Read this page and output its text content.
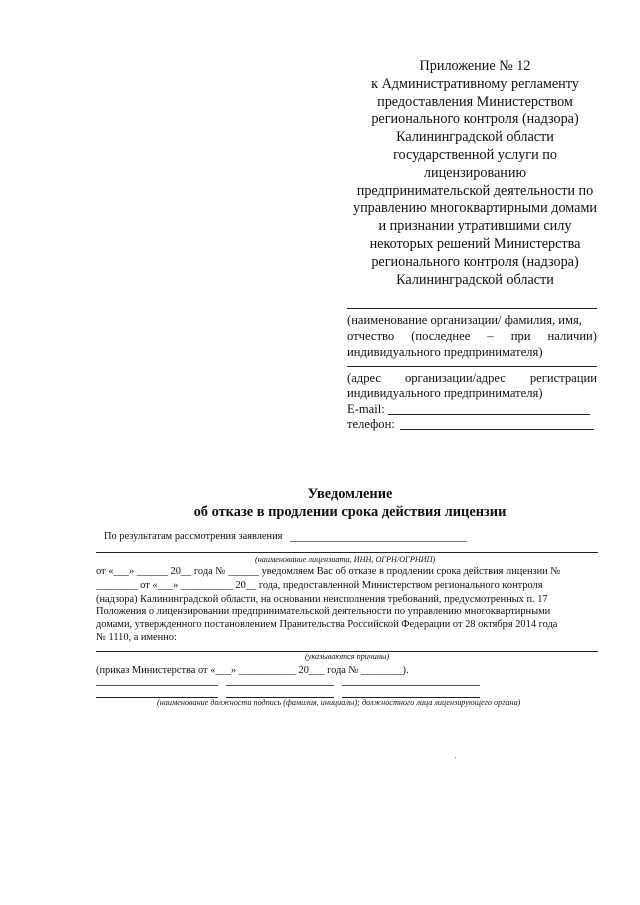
Приложение № 12
к Административному регламенту
предоставления Министерством
регионального контроля (надзора)
Калининградской области
государственной услуги по
лицензированию
предпринимательской деятельности по
управлению многоквартирными домами
и признании утратившими силу
некоторых решений Министерства
регионального контроля (надзора)
Калининградской области
(наименование организации/ фамилия, имя,
отчество (последнее – при наличии)
индивидуального предпринимателя)
(адрес организации/адрес регистрации
индивидуального предпринимателя)
E-mail:
телефон:
Уведомление
об отказе в продлении срока действия лицензии
По результатам рассмотрения заявления
(наименование лицензиата, ИНН, ОГРН/ОГРНИП)
от «___» ______ 20__ года № ______ уведомляем Вас об отказе в продлении срока действия лицензии №
________ от «___» __________ 20__ года, предоставленной Министерством регионального контроля
(надзора) Калининградской области, на основании неисполнения требований, предусмотренных п. 17
Положения о лицензировании предпринимательской деятельности по управлению многоквартирными
домами, утвержденного постановлением Правительства Российской Федерации от 28 октября 2014 года
№ 1110, а именно:
(указываются причины)
(приказ Министерства от «___» ___________ 20___ года № ________).
(наименование должности подпись (фамилия, инициалы); должностного лица лицензирующего органа)
